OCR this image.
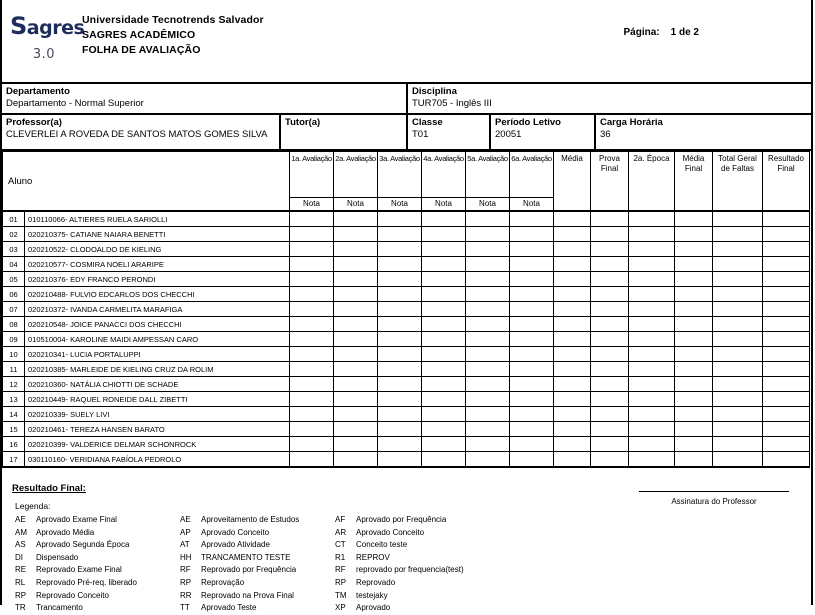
Sagres
3.0
Universidade Tecnotrends Salvador
SAGRES ACADÊMICO
FOLHA DE AVALIAÇÃO
Página: 1 de 2
Departamento
Departamento - Normal Superior
Disciplina
TUR705 - Inglês III
Professor(a)
CLEVERLEI A ROVEDA DE SANTOS MATOS GOMES SILVA
Tutor(a)	Classe
T01
Período Letivo
20051
Carga Horária
36
Aluno		1a. Avaliação	2a. Avaliação	3a. Avaliação	4a. Avaliação	5a. Avaliação	6a. Avaliação	Média	Prova Final	2a. Época	Média Final	Total Geral de Faltas	Resultado Final
		Nota	Nota	Nota	Nota	Nota	Nota						
01	010110066- ALTIERES RUELA SARIOLLI												
02	020210375- CATIANE NAIARA BENETTI												
03	020210522- CLODOALDO DE KIELING												
04	020210577- COSMIRA NOELI ARARIPE												
05	020210376- EDY FRANCO PERONDI												
06	020210488- FULVIO EDCARLOS DOS CHECCHI												
07	020210372- IVANDA CARMELITA MARAFIGA												
08	020210548- JOICE PANACCI DOS CHECCHI												
09	010510004- KAROLINE MAIDI AMPESSAN CARO												
10	020210341- LUCIA PORTALUPPI												
11	020210385- MARLEIDE DE KIELING CRUZ DA ROLIM												
12	020210360- NATÁLIA CHIOTTI DE SCHADE												
13	020210449- RAQUEL RONEIDE DALL ZIBETTI												
14	020210339- SUELY LIVI												
15	020210461- TEREZA HANSEN BARATO												
16	020210399- VALDERICE DELMAR SCHONROCK												
17	030110160- VERIDIANA FABÍOLA PEDROLO												
Resultado Final:
Legenda:
AE	Aprovado Exame Final
AM	Aprovado Média
AS	Aprovado Segunda Época
DI	Dispensado
RE	Reprovado Exame Final
RL	Reprovado Pré-req. liberado
RP	Reprovado Conceito
TR	Trancamento
AE	Aproveitamento de Estudos
AP	Aprovado Conceito
AT	Aprovado Atividade
HH	TRANCAMENTO TESTE
RF	Reprovado por Frequência
RP	Reprovação
RR	Reprovado na Prova Final
TT	Aprovado Teste
AF	Aprovado por Frequência
AR	Aprovado Conceito
CT	Conceito teste
R1	REPROV
RF	reprovado por frequencia(test)
RP	Reprovado
TM	testejaky
XP	Aprovado
Assinatura do Professor
